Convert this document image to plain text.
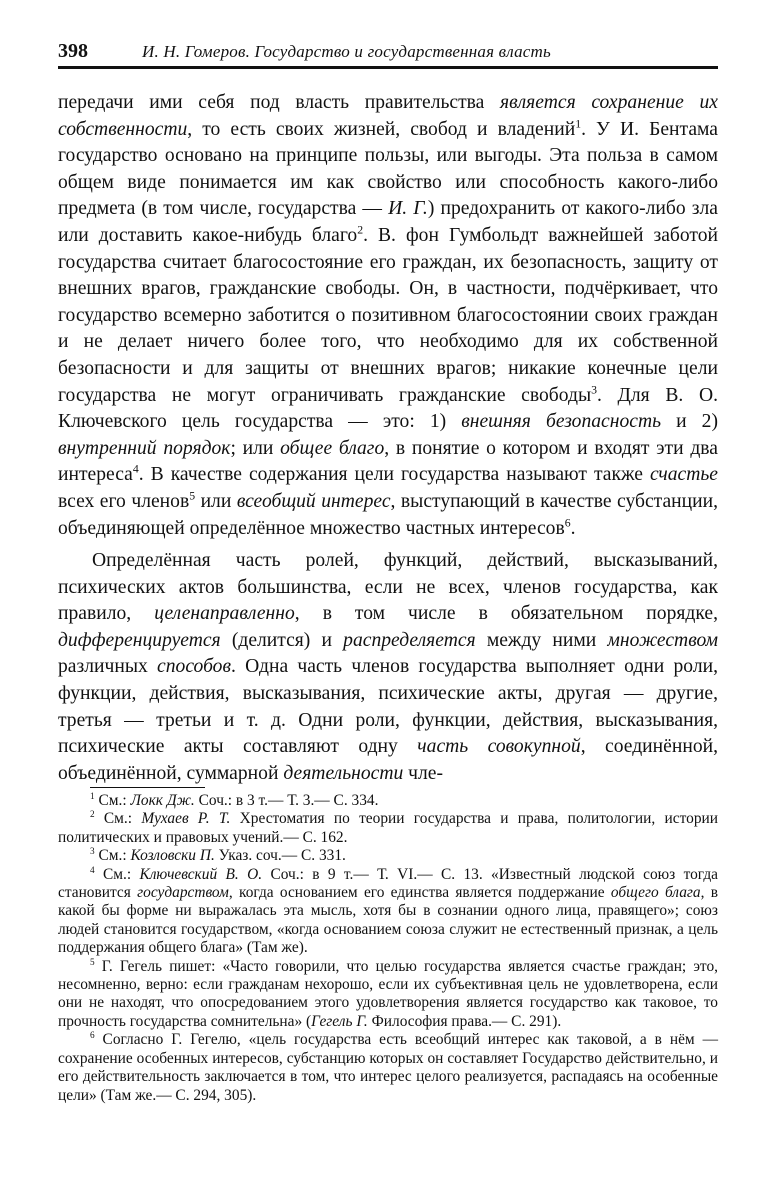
398	И. Н. Гомеров. Государство и государственная власть

передачи ими себя под власть правительства является сохранение их собственности, то есть своих жизней, свобод и владений$^1$. У И. Бентама государство основано на принципе пользы, или выгоды. Эта польза в самом общем виде понимается им как свойство или способность какого-либо предмета (в том числе, государства — И. Г.) предохранить от какого-либо зла или доставить какое-нибудь благо$^2$. В. фон Гумбольдт важнейшей заботой государства считает благосостояние его граждан, их безопасность, защиту от внешних врагов, гражданские свободы. Он, в частности, подчёркивает, что государство всемерно заботится о позитивном благосостоянии своих граждан и не делает ничего более того, что необходимо для их собственной безопасности и для защиты от внешних врагов; никакие конечные цели государства не могут ограничивать гражданские свободы$^3$. Для В. О. Ключевского цель государства — это: 1) внешняя безопасность и 2) внутренний порядок; или общее благо, в понятие о котором и входят эти два интереса$^4$. В качестве содержания цели государства называют также счастье всех его членов$^5$ или всеобщий интерес, выступающий в качестве субстанции, объединяющей определённое множество частных интересов$^6$.

Определённая часть ролей, функций, действий, высказываний, психических актов большинства, если не всех, членов государства, как правило, целенаправленно, в том числе в обязательном порядке, дифференцируется (делится) и распределяется между ними множеством различных способов. Одна часть членов государства выполняет одни роли, функции, действия, высказывания, психические акты, другая — другие, третья — третьи и т. д. Одни роли, функции, действия, высказывания, психические акты составляют одну часть совокупной, соединённой, объединённой, суммарной деятельности чле-

$^1$ См.: Локк Дж. Соч.: в 3 т.— Т. 3.— С. 334.

$^2$ См.: Мухаев Р. Т. Хрестоматия по теории государства и права, политологии, истории политических и правовых учений.— С. 162.

$^3$ См.: Козловски П. Указ. соч.— С. 331.

$^4$ См.: Ключевский В. О. Соч.: в 9 т.— Т. VI.— С. 13. «Известный людской союз тогда становится государством, когда основанием его единства является поддержание общего блага, в какой бы форме ни выражалась эта мысль, хотя бы в сознании одного лица, правящего»; союз людей становится государством, «когда основанием союза служит не естественный признак, а цель поддержания общего блага» (Там же).

$^5$ Г. Гегель пишет: «Часто говорили, что целью государства является счастье граждан; это, несомненно, верно: если гражданам нехорошо, если их субъективная цель не удовлетворена, если они не находят, что опосредованием этого удовлетворения является государство как таковое, то прочность государства сомнительна» (Гегель Г. Философия права.— С. 291).

$^6$ Согласно Г. Гегелю, «цель государства есть всеобщий интерес как таковой, а в нём — сохранение особенных интересов, субстанцию которых он составляет Государство действительно, и его действительность заключается в том, что интерес целого реализуется, распадаясь на особенные цели» (Там же.— С. 294, 305).
